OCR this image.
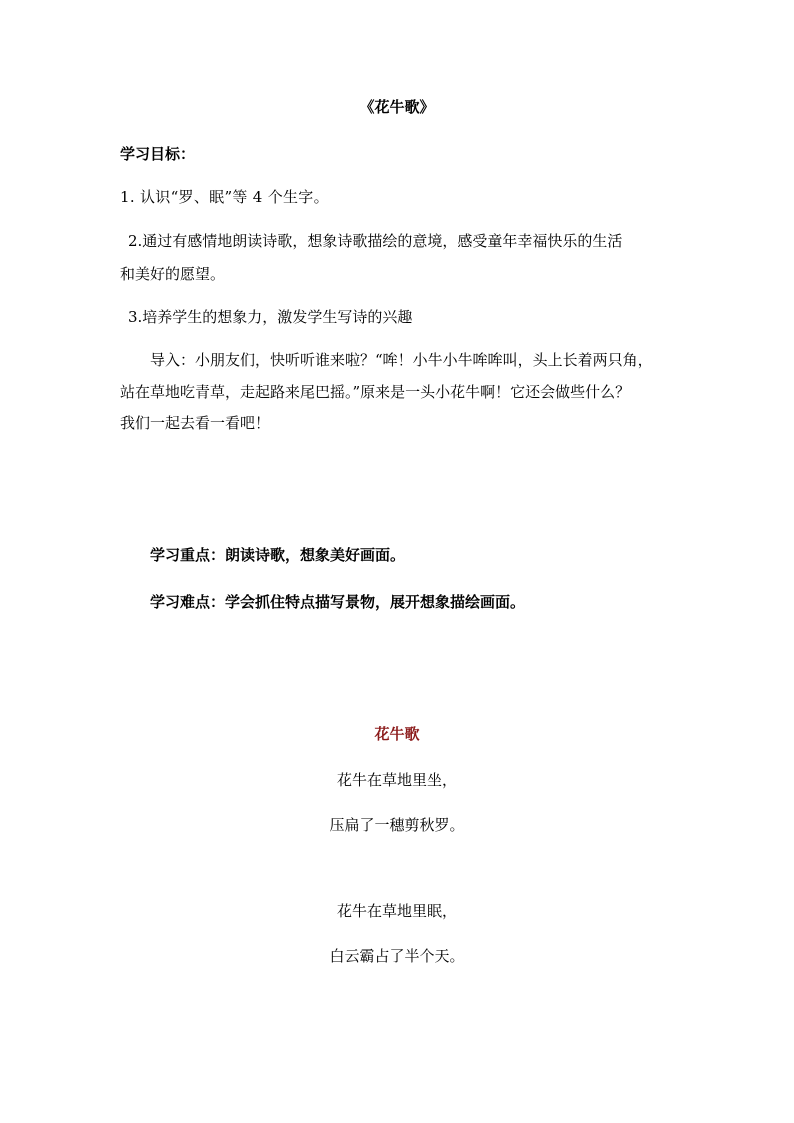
《花牛歌》
学习目标：
1. 认识“罗、眠”等 4 个生字。
2.通过有感情地朗读诗歌，想象诗歌描绘的意境，感受童年幸福快乐的生活
和美好的愿望。
3.培养学生的想象力，激发学生写诗的兴趣
导入：小朋友们，快听听谁来啦？“哞！小牛小牛哞哞叫，头上长着两只角，
站在草地吃青草，走起路来尾巴摇。”原来是一头小花牛啊！它还会做些什么？
我们一起去看一看吧！
学习重点：朗读诗歌，想象美好画面。
学习难点：学会抓住特点描写景物，展开想象描绘画面。
花牛歌
花牛在草地里坐，
压扁了一穗剪秋罗。
花牛在草地里眠，
白云霸占了半个天。
